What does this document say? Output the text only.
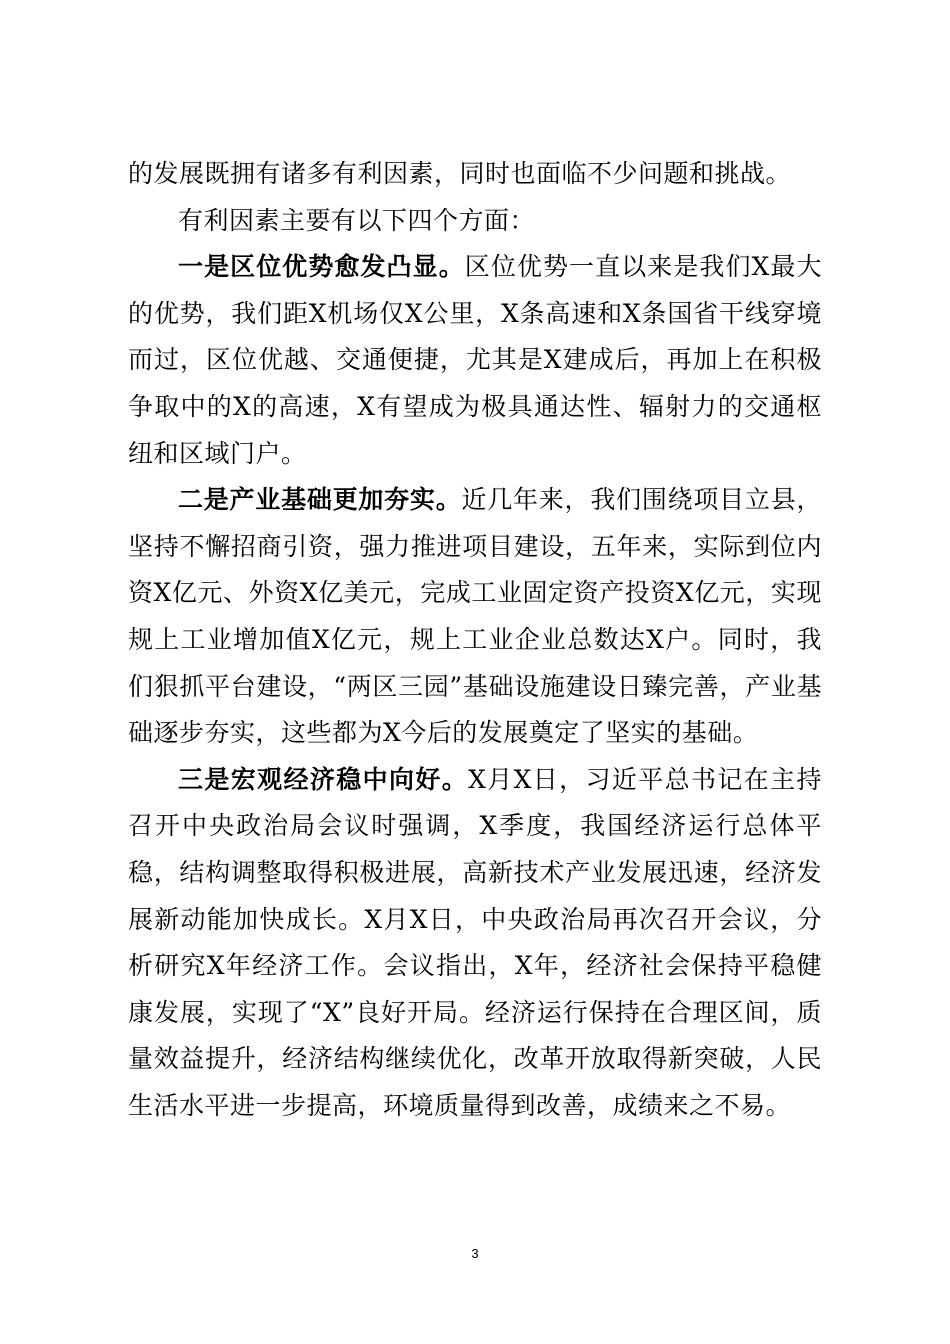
的发展既拥有诸多有利因素，同时也面临不少问题和挑战。

有利因素主要有以下四个方面：

一是区位优势愈发凸显。区位优势一直以来是我们X最大的优势，我们距X机场仅X公里，X条高速和X条国省干线穿境而过，区位优越、交通便捷，尤其是X建成后，再加上在积极争取中的X的高速，X有望成为极具通达性、辐射力的交通枢纽和区域门户。

二是产业基础更加夯实。近几年来，我们围绕项目立县，坚持不懈招商引资，强力推进项目建设，五年来，实际到位内资X亿元、外资X亿美元，完成工业固定资产投资X亿元，实现规上工业增加值X亿元，规上工业企业总数达X户。同时，我们狠抓平台建设，“两区三园”基础设施建设日臻完善，产业基础逐步夯实，这些都为X今后的发展奠定了坚实的基础。

三是宏观经济稳中向好。X月X日，习近平总书记在主持召开中央政治局会议时强调，X季度，我国经济运行总体平稳，结构调整取得积极进展，高新技术产业发展迅速，经济发展新动能加快成长。X月X日，中央政治局再次召开会议，分析研究X年经济工作。会议指出，X年，经济社会保持平稳健康发展，实现了“X”良好开局。经济运行保持在合理区间，质量效益提升，经济结构继续优化，改革开放取得新突破，人民生活水平进一步提高，环境质量得到改善，成绩来之不易。

3
